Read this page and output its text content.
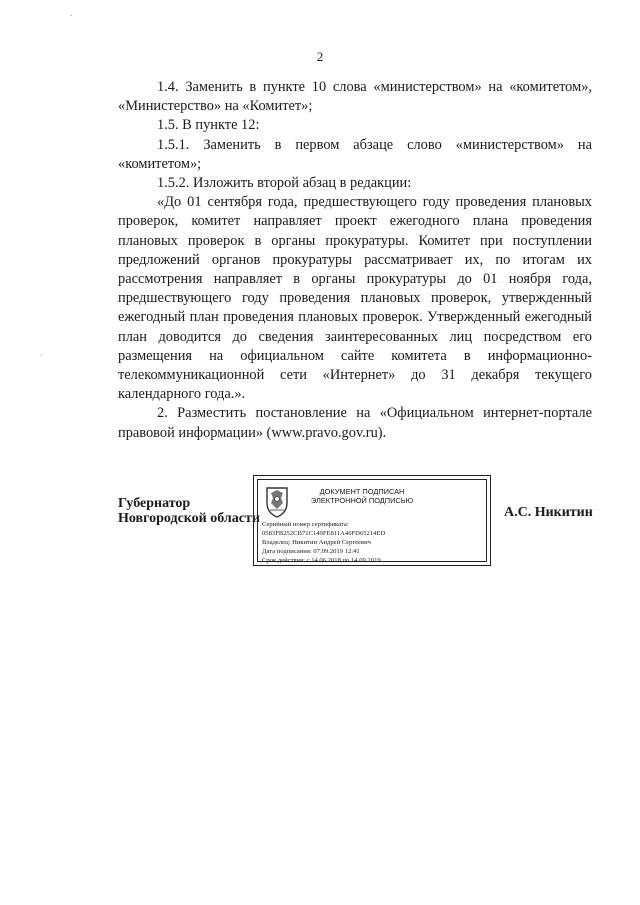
·
·
2

1.4. Заменить в пункте 10 слова «министерством» на «комитетом», «Министерство» на «Комитет»;

1.5. В пункте 12:

1.5.1. Заменить в первом абзаце слово «министерством» на «комитетом»;

1.5.2. Изложить второй абзац в редакции:

«До 01 сентября года, предшествующего году проведения плановых проверок, комитет направляет проект ежегодного плана проведения плановых проверок в органы прокуратуры. Комитет при поступлении предложений органов прокуратуры рассматривает их, по итогам их рассмотрения направляет в органы прокуратуры до 01 ноября года, предшествующего году проведения плановых проверок, утвержденный ежегодный план проведения плановых проверок. Утвержденный ежегодный план доводится до сведения заинтересованных лиц посредством его размещения на официальном сайте комитета в информационно-телекоммуникационной сети «Интернет» до 31 декабря текущего календарного года.».

2. Разместить постановление на «Официальном интернет-портале правовой информации» (www.pravo.gov.ru).

Губернатор
Новгородской области
ДОКУМЕНТ ПОДПИСАН
ЭЛЕКТРОННОЙ ПОДПИСЬЮ
Серийный номер сертификата:
0583FB252CB71C149FE811A46FD65214ED
Владелец: Никитин Андрей Сергеевич
Дата подписания: 07.09.2019 12:41
Срок действия: с 14.06.2018 по 14.09.2019
А.С. Никитин
